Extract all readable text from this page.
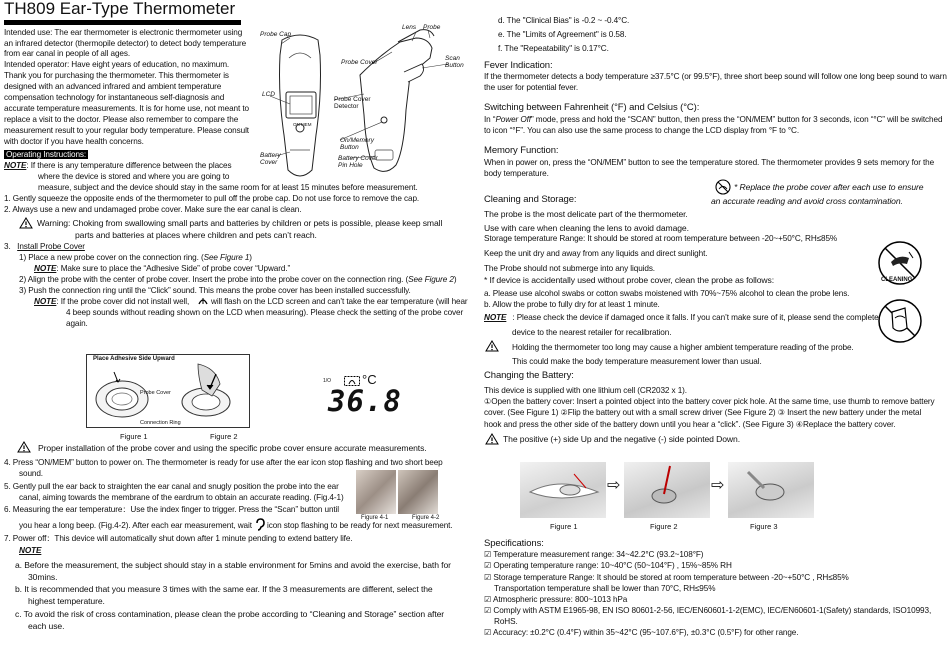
TH809 Ear-Type Thermometer
Intended use: The ear thermometer is electronic thermometer using
an infrared detector (thermopile detector) to detect body temperature
from ear canal in people of all ages.
Intended operator: Have eight years of education, no maximum.
Thank you for purchasing the thermometer. This thermometer is
designed with an advanced infrared and ambient temperature
compensation technology for instantaneous self-diagnosis and
accurate temperature measurements. It is for home use, not meant to
replace a visit to the doctor. Please also remember to compare the
measurement result to your regular body temperature. Please consult
with doctor if you have health concerns.
Probe Cap
Lens Probe
Probe Cover
Scan
Button
LCD
Probe Cover
Detector
On/Memory
Button
Battery
Cover
Battery Cover
Pin Hole
ON MEM
Operating Instructions:
NOTE: If there is any temperature difference between the places
where the device is stored and where you are going to
measure, subject and the device should stay in the same room for at least 15 minutes before measurement.
1. Gently squeeze the opposite ends of the thermometer to pull off the probe cap. Do not use force to remove the cap.
2. Always use a new and undamaged probe cover. Make sure the ear canal is clean.
Warning: Choking from swallowing small parts and batteries by children or pets is possible, please keep small
parts and batteries at places where children and pets can’t reach.
3. Install Probe Cover
1) Place a new probe cover on the connection ring. (See Figure 1)
NOTE: Make sure to place the “Adhesive Side” of probe cover “Upward.”
2) Align the probe with the center of probe cover. Insert the probe into the probe cover on the connection ring. (See Figure 2)
3) Push the connection ring until the “Click” sound. This means the probe cover has been installed successfully.
NOTE: If the probe cover did not install well,	will flash on the LCD screen and can’t take the ear temperature (will hear
4 beep sounds without reading shown on the LCD when measuring). Please check the setting of the probe cover
again.
Place Adhesive Side Upward
Probe Cover
Connection Ring
Figure 1	Figure 2
1/O °C
36.8
Proper installation of the probe cover and using the specific probe cover ensure accurate measurements.
4. Press “ON/MEM” button to power on. The thermometer is ready for use after the ear icon stop flashing and two short beep
sound.
5. Gently pull the ear back to straighten the ear canal and snugly position the probe into the ear
canal, aiming towards the membrane of the eardrum to obtain an accurate reading. (Fig.4-1)
6. Measuring the ear temperature：Use the index finger to trigger. Press the “Scan” button until
you hear a long beep. (Fig.4-2). After each ear measurement, wait icon stop flashing to be ready for next measurement.
Figure 4-1	Figure 4-2
7. Power off：This device will automatically shut down after 1 minute pending to extend battery life.
NOTE
a. Before the measurement, the subject should stay in a stable environment for 5mins and avoid the exercise, bath for
30mins.
b. It is recommended that you measure 3 times with the same ear. If the 3 measurements are different, select the
highest temperature.
c. To avoid the risk of cross contamination, please clean the probe according to “Cleaning and Storage” section after
each use.
d. The "Clinical Bias" is -0.2 ~ -0.4°C.
e. The "Limits of Agreement" is 0.58.
f. The "Repeatability" is 0.17°C.
Fever Indication:
If the thermometer detects a body temperature ≥37.5°C (or 99.5°F), three short beep sound will follow one long beep sound to warn
the user for potential fever.
Switching between Fahrenheit (°F) and Celsius (°C):
In “Power Off” mode, press and hold the “SCAN” button, then press the “ON/MEM” button for 3 seconds, icon “°C” will be switched
to icon “°F”. You can also use the same process to change the LCD display from °F to °C.
Memory Function:
When in power on, press the “ON/MEM” button to see the temperature stored. The thermometer provides 9 sets memory for the
body temperature.
Cleaning and Storage:
* Replace the probe cover after each use to ensure
an accurate reading and avoid cross contamination.
The probe is the most delicate part of the thermometer.
Use with care when cleaning the lens to avoid damage.
Storage temperature Range: It should be stored at room temperature between -20~+50°C, RH≤85%
Keep the unit dry and away from any liquids and direct sunlight.
The Probe should not submerge into any liquids.
* If device is accidentally used without probe cover, clean the probe as follows:
a. Please use alcohol swabs or cotton swabs moistened with 70%~75% alcohol to clean the probe lens.
b. Allow the probe to fully dry for at least 1 minute.
NOTE : Please check the device if damaged once it falls. If you can’t make sure of it, please send the complete
device to the nearest retailer for recalibration.
Holding the thermometer too long may cause a higher ambient temperature reading of the probe.
This could make the body temperature measurement lower than usual.
CLEANING
Changing the Battery:
This device is supplied with one lithium cell (CR2032 x 1).
①Open the battery cover: Insert a pointed object into the battery cover pick hole. At the same time, use thumb to remove battery
cover. (See Figure 1) ②Flip the battery out with a small screw driver (See Figure 2) ③ Insert the new battery under the metal
hook and press the other side of the battery down until you hear a “click”. (See Figure 3) ④Replace the battery cover.
The positive (+) side Up and the negative (-) side pointed Down.
⇨	⇨
Figure 1	Figure 2	Figure 3
Specifications:
☑ Temperature measurement range: 34~42.2°C (93.2~108°F)
☑ Operating temperature range: 10~40°C (50~104°F) , 15%~85% RH
☑ Storage temperature Range: It should be stored at room temperature between -20~+50°C , RH≤85%
Transportation temperature shall be lower than 70°C, RH≤95%
☑ Atmospheric pressure: 800~1013 hPa
☑ Comply with ASTM E1965-98, EN ISO 80601-2-56, IEC/EN60601-1-2(EMC), IEC/EN60601-1(Safety) standards, ISO10993,
RoHS.
☑ Accuracy: ±0.2°C (0.4°F) within 35~42°C (95~107.6°F), ±0.3°C (0.5°F) for other range.
